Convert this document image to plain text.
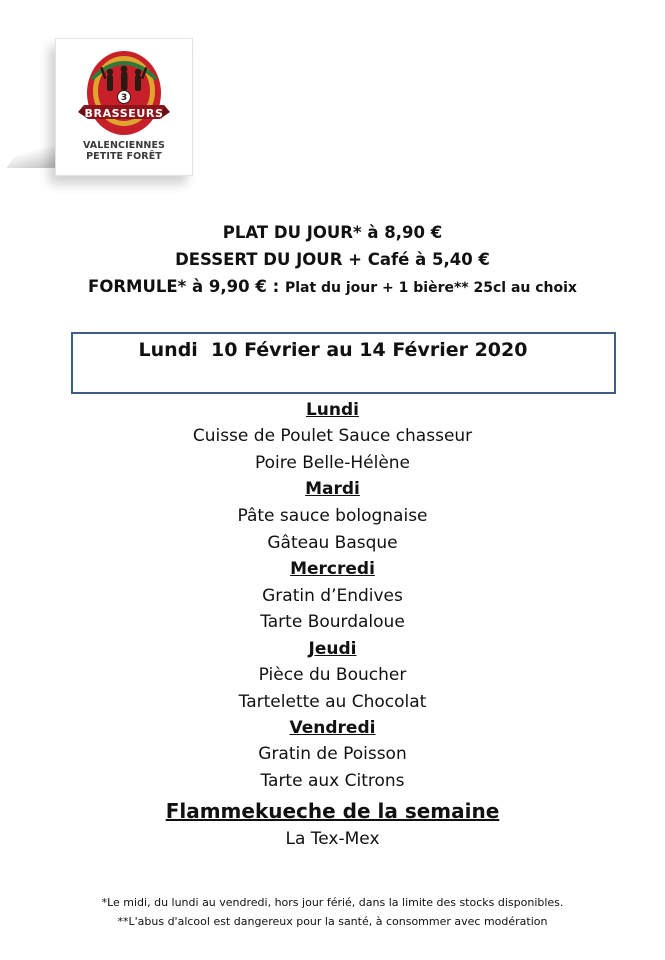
3
BRASSEURS
VALENCIENNES
PETITE FORÊT
PLAT DU JOUR* à 8,90 €
DESSERT DU JOUR + Café à 5,40 €
FORMULE* à 9,90 € : Plat du jour + 1 bière** 25cl au choix
Lundi  10 Février au 14 Février 2020
Lundi
Cuisse de Poulet Sauce chasseur
Poire Belle-Hélène
Mardi
Pâte sauce bolognaise
Gâteau Basque
Mercredi
Gratin d’Endives
Tarte Bourdaloue
Jeudi
Pièce du Boucher
Tartelette au Chocolat
Vendredi
Gratin de Poisson
Tarte aux Citrons
Flammekueche de la semaine
La Tex-Mex
*Le midi, du lundi au vendredi, hors jour férié, dans la limite des stocks disponibles.
**L'abus d'alcool est dangereux pour la santé, à consommer avec modération
